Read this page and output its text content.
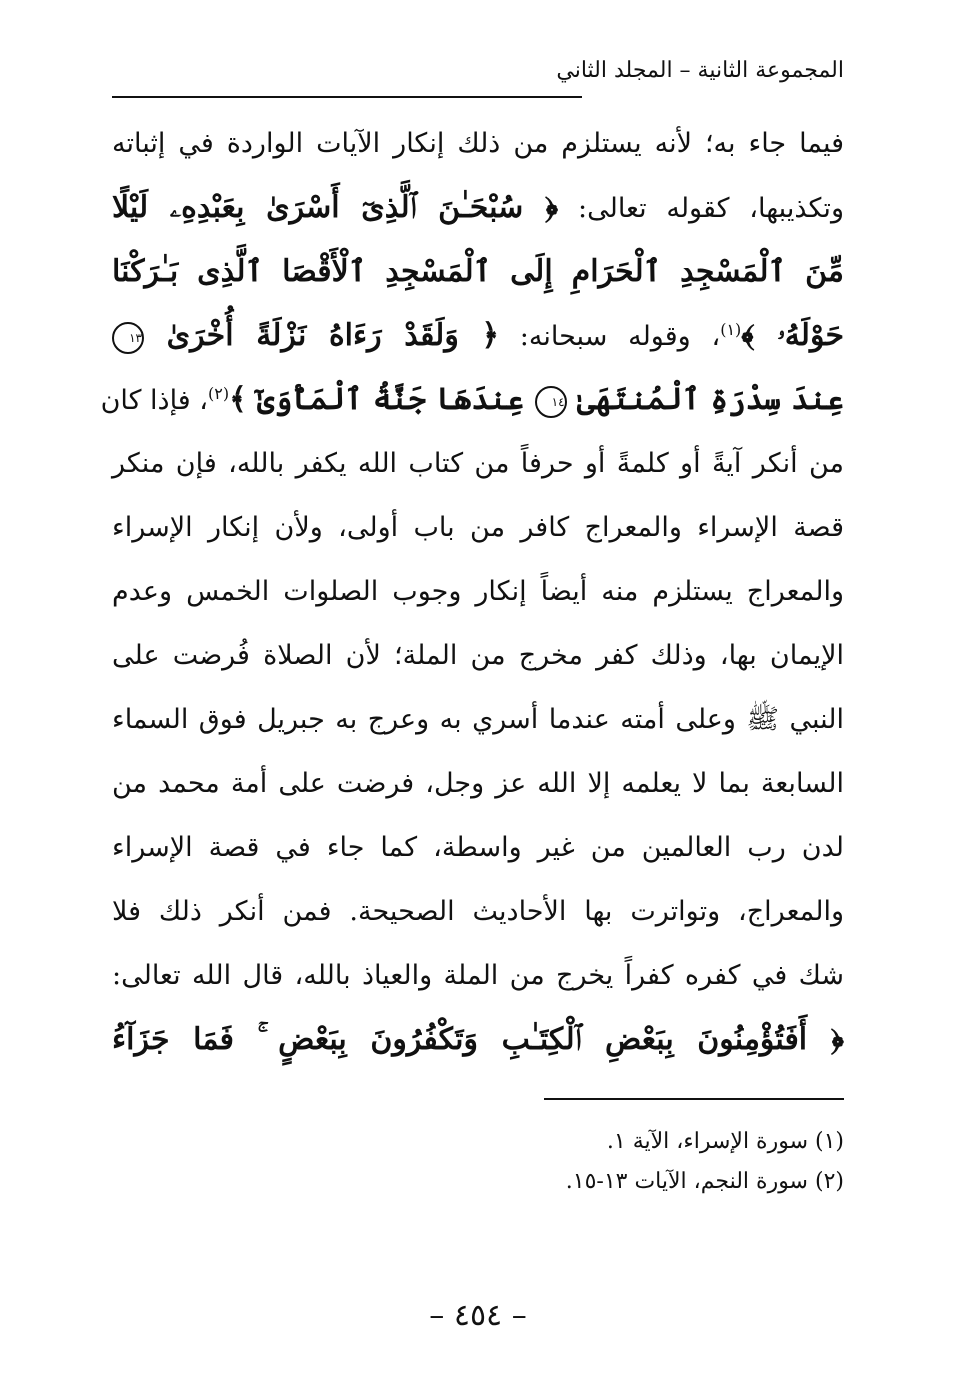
المجموعة الثانية – المجلد الثاني
فيما جاء به؛ لأنه يستلزم من ذلك إنكار الآيات الواردة في إثباته
وتكذيبها، كقوله تعالى: ﴿ سُبْحَـٰنَ ٱلَّذِىٓ أَسْرَىٰ بِعَبْدِهِۦ لَيْلًا
مِّنَ ٱلْمَسْجِدِ ٱلْحَرَامِ إِلَى ٱلْمَسْجِدِ ٱلْأَقْصَا ٱلَّذِى بَـٰرَكْنَا
حَوْلَهُۥ ﴾$^{(١)}$، وقوله سبحانه: ﴿ وَلَقَدْ رَءَاهُ نَزْلَةً أُخْرَىٰ ١٣
عِندَ سِدْرَةِ ٱلْمُنتَهَىٰ ١٤ عِندَهَا جَنَّةُ ٱلْمَأْوَىٰٓ ﴾$^{(٢)}$، فإذا كان
من أنكر آيةً أو كلمةً أو حرفاً من كتاب الله يكفر بالله، فإن منكر
قصة الإسراء والمعراج كافر من باب أولى، ولأن إنكار الإسراء
والمعراج يستلزم منه أيضاً إنكار وجوب الصلوات الخمس وعدم
الإيمان بها، وذلك كفر مخرج من الملة؛ لأن الصلاة فُرضت على
النبي ﷺ وعلى أمته عندما أسري به وعرج به جبريل فوق السماء
السابعة بما لا يعلمه إلا الله عز وجل، فرضت على أمة محمد من
لدن رب العالمين من غير واسطة، كما جاء في قصة الإسراء
والمعراج، وتواترت بها الأحاديث الصحيحة. فمن أنكر ذلك فلا
شك في كفره كفراً يخرج من الملة والعياذ بالله، قال الله تعالى:
﴿ أَفَتُؤْمِنُونَ بِبَعْضِ ٱلْكِتَـٰبِ وَتَكْفُرُونَ بِبَعْضٍ ۚ فَمَا جَزَآءُ
(١) سورة الإسراء، الآية ١.
(٢) سورة النجم، الآيات ١٣-١٥.
– ٤٥٤ –
